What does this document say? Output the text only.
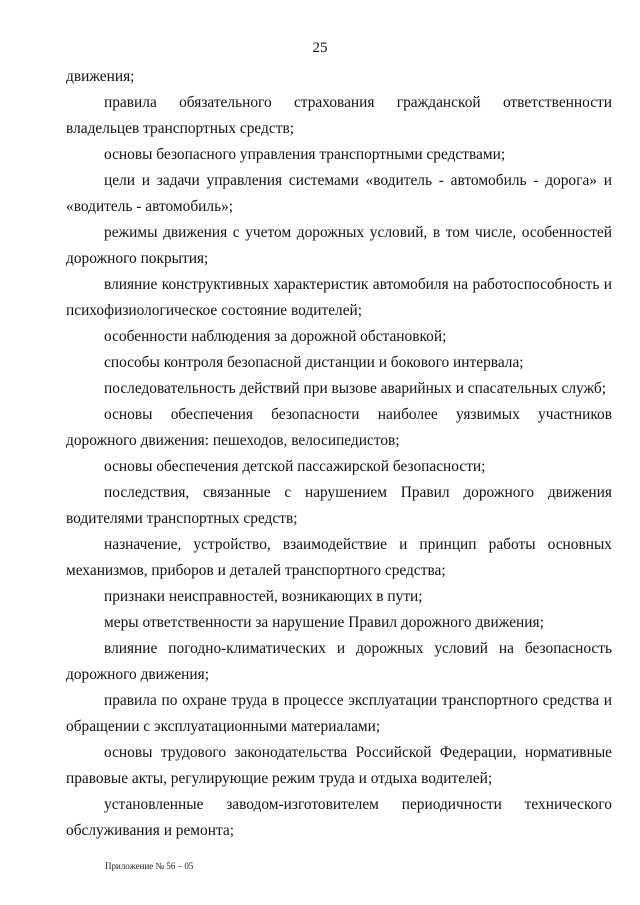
25

движения;

правила обязательного страхования гражданской ответственности владельцев транспортных средств;

основы безопасного управления транспортными средствами;

цели и задачи управления системами «водитель - автомобиль - дорога» и «водитель - автомобиль»;

режимы движения с учетом дорожных условий, в том числе, особенностей дорожного покрытия;

влияние конструктивных характеристик автомобиля на работоспособность и психофизиологическое состояние водителей;

особенности наблюдения за дорожной обстановкой;

способы контроля безопасной дистанции и бокового интервала;

последовательность действий при вызове аварийных и спасательных служб;

основы обеспечения безопасности наиболее уязвимых участников дорожного движения: пешеходов, велосипедистов;

основы обеспечения детской пассажирской безопасности;

последствия, связанные с нарушением Правил дорожного движения водителями транспортных средств;

назначение, устройство, взаимодействие и принцип работы основных механизмов, приборов и деталей транспортного средства;

признаки неисправностей, возникающих в пути;

меры ответственности за нарушение Правил дорожного движения;

влияние погодно-климатических и дорожных условий на безопасность дорожного движения;

правила по охране труда в процессе эксплуатации транспортного средства и обращении с эксплуатационными материалами;

основы трудового законодательства Российской Федерации, нормативные правовые акты, регулирующие режим труда и отдыха водителей;

установленные заводом-изготовителем периодичности технического обслуживания и ремонта;

Приложение № 56 – 05
